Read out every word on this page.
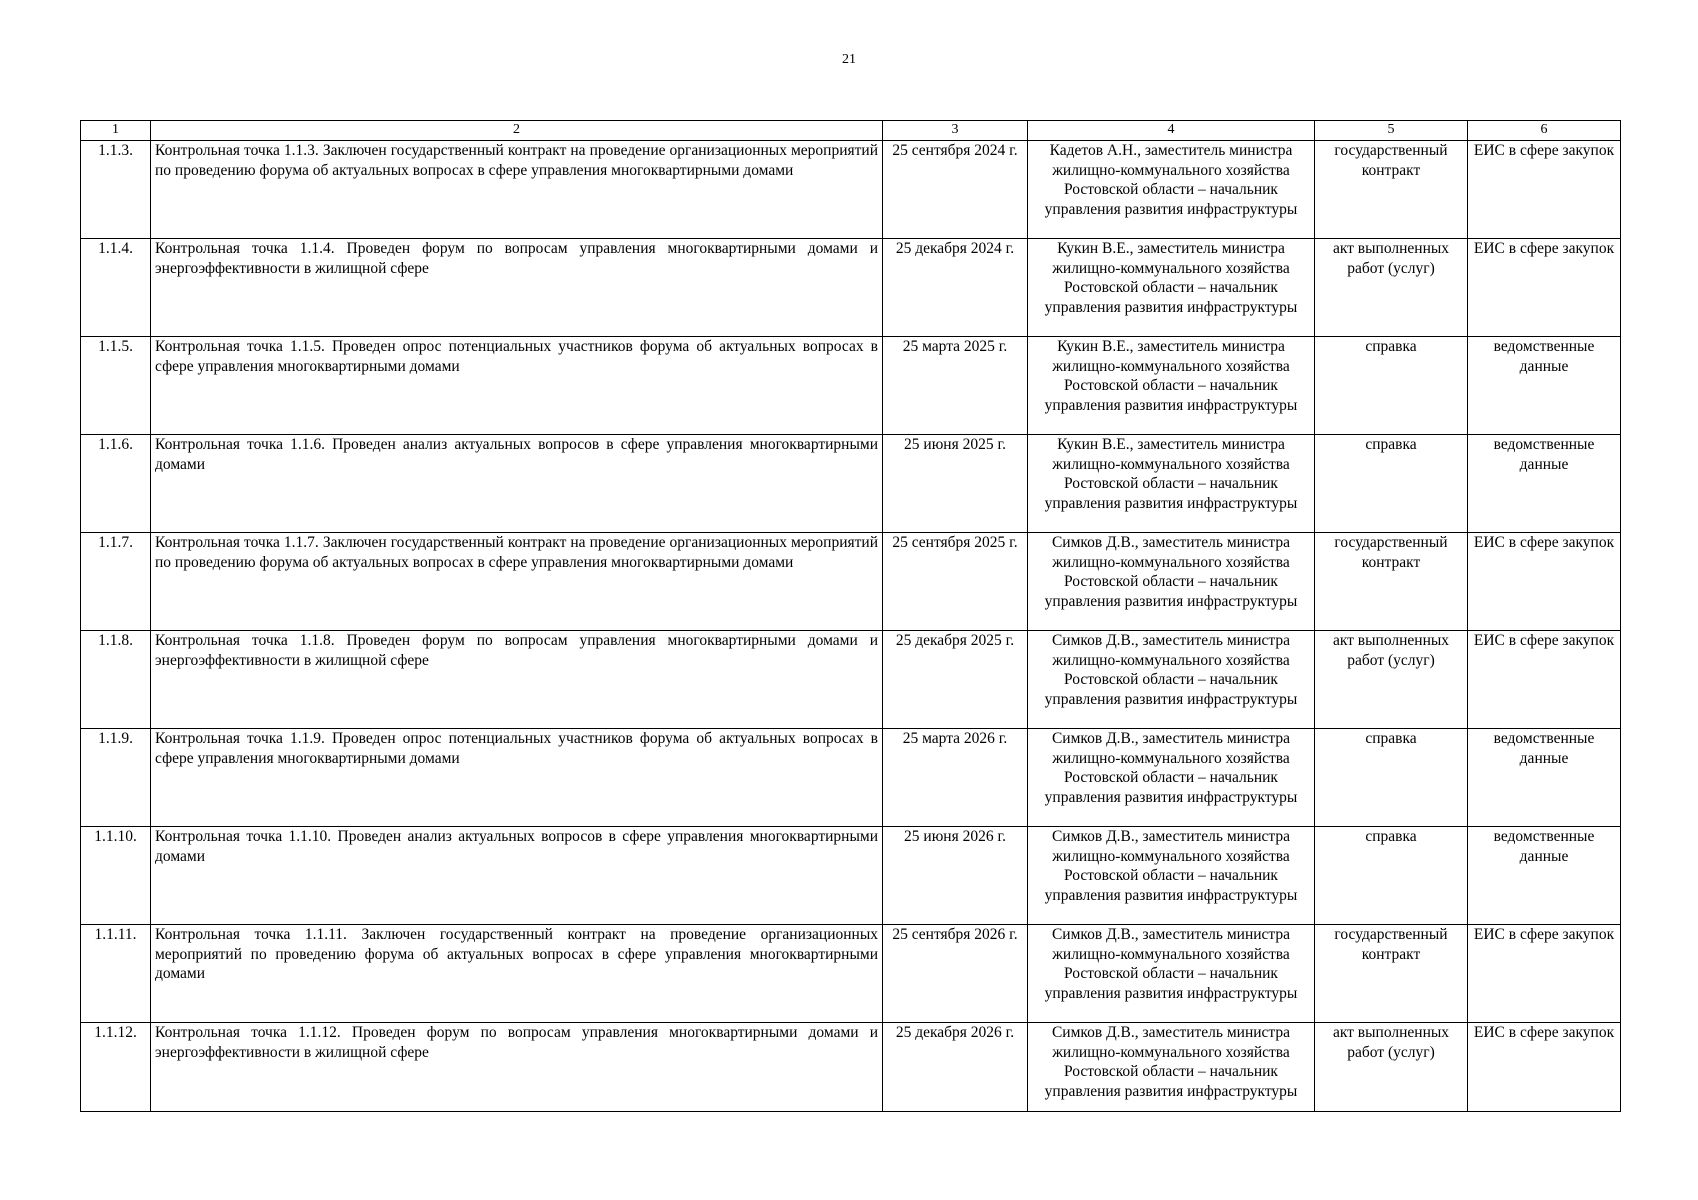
21
1	2	3	4	5	6
1.1.3.	Контрольная точка 1.1.3. Заключен государственный контракт на проведение организационных мероприятий по проведению форума об актуальных вопросах в сфере управления многоквартирными домами	25 сентября 2024 г.	Кадетов А.Н., заместитель министра жилищно-коммунального хозяйства Ростовской области – начальник управления развития инфраструктуры	государственный контракт	ЕИС в сфере закупок
1.1.4.	Контрольная точка 1.1.4. Проведен форум по вопросам управления многоквартирными домами и энергоэффективности в жилищной сфере	25 декабря 2024 г.	Кукин В.Е., заместитель министра жилищно-коммунального хозяйства Ростовской области – начальник управления развития инфраструктуры	акт выполненных работ (услуг)	ЕИС в сфере закупок
1.1.5.	Контрольная точка 1.1.5. Проведен опрос потенциальных участников форума об актуальных вопросах в сфере управления многоквартирными домами	25 марта 2025 г.	Кукин В.Е., заместитель министра жилищно-коммунального хозяйства Ростовской области – начальник управления развития инфраструктуры	справка	ведомственные данные
1.1.6.	Контрольная точка 1.1.6. Проведен анализ актуальных вопросов в сфере управления многоквартирными домами	25 июня 2025 г.	Кукин В.Е., заместитель министра жилищно-коммунального хозяйства Ростовской области – начальник управления развития инфраструктуры	справка	ведомственные данные
1.1.7.	Контрольная точка 1.1.7. Заключен государственный контракт на проведение организационных мероприятий по проведению форума об актуальных вопросах в сфере управления многоквартирными домами	25 сентября 2025 г.	Симков Д.В., заместитель министра жилищно-коммунального хозяйства Ростовской области – начальник управления развития инфраструктуры	государственный контракт	ЕИС в сфере закупок
1.1.8.	Контрольная точка 1.1.8. Проведен форум по вопросам управления многоквартирными домами и энергоэффективности в жилищной сфере	25 декабря 2025 г.	Симков Д.В., заместитель министра жилищно-коммунального хозяйства Ростовской области – начальник управления развития инфраструктуры	акт выполненных работ (услуг)	ЕИС в сфере закупок
1.1.9.	Контрольная точка 1.1.9. Проведен опрос потенциальных участников форума об актуальных вопросах в сфере управления многоквартирными домами	25 марта 2026 г.	Симков Д.В., заместитель министра жилищно-коммунального хозяйства Ростовской области – начальник управления развития инфраструктуры	справка	ведомственные данные
1.1.10.	Контрольная точка 1.1.10. Проведен анализ актуальных вопросов в сфере управления многоквартирными домами	25 июня 2026 г.	Симков Д.В., заместитель министра жилищно-коммунального хозяйства Ростовской области – начальник управления развития инфраструктуры	справка	ведомственные данные
1.1.11.	Контрольная точка 1.1.11. Заключен государственный контракт на проведение организационных мероприятий по проведению форума об актуальных вопросах в сфере управления многоквартирными домами	25 сентября 2026 г.	Симков Д.В., заместитель министра жилищно-коммунального хозяйства Ростовской области – начальник управления развития инфраструктуры	государственный контракт	ЕИС в сфере закупок
1.1.12.	Контрольная точка 1.1.12. Проведен форум по вопросам управления многоквартирными домами и энергоэффективности в жилищной сфере	25 декабря 2026 г.	Симков Д.В., заместитель министра жилищно-коммунального хозяйства Ростовской области – начальник управления развития инфраструктуры	акт выполненных работ (услуг)	ЕИС в сфере закупок
